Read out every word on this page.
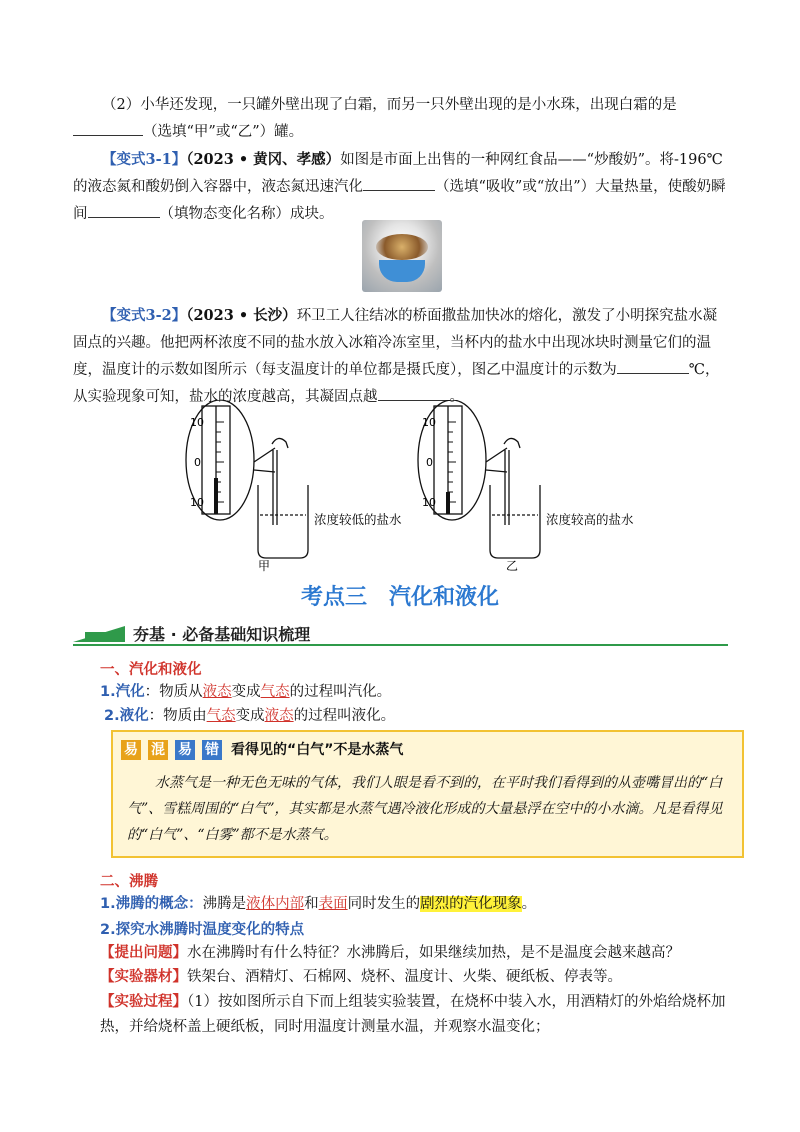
（2）小华还发现，一只罐外壁出现了白霜，而另一只外壁出现的是小水珠，出现白霜的是（选填“甲”或“乙”）罐。
【变式3-1】（2023 • 黄冈、孝感）如图是市面上出售的一种网红食品——“炒酸奶”。将-196℃的液态氮和酸奶倒入容器中，液态氮迅速汽化	（选填“吸收”或“放出”）大量热量，使酸奶瞬间	（填物态变化名称）成块。
【变式3-2】（2023 • 长沙）环卫工人往结冰的桥面撒盐加快冰的熔化，激发了小明探究盐水凝固点的兴趣。他把两杯浓度不同的盐水放入冰箱冷冻室里，当杯内的盐水中出现冰块时测量它们的温度，温度计的示数如图所示（每支温度计的单位都是摄氏度），图乙中温度计的示数为	℃，从实验现象可知，盐水的浓度越高，其凝固点越	。
10
0
10
浓度较低的盐水
甲
10
0
10
浓度较高的盐水
乙
考点三　汽化和液化
夯基 · 必备基础知识梳理
一、汽化和液化
1.汽化：物质从液态变成气态的过程叫汽化。
2.液化：物质由气态变成液态的过程叫液化。
易 混 易 错 看得见的“白气”不是水蒸气
水蒸气是一种无色无味的气体，我们人眼是看不到的，在平时我们看得到的从壶嘴冒出的“白气”、雪糕周围的“白气”，其实都是水蒸气遇冷液化形成的大量悬浮在空中的小水滴。凡是看得见的“白气”、“白雾”都不是水蒸气。
二、沸腾
1.沸腾的概念：沸腾是液体内部和表面同时发生的剧烈的汽化现象。
2.探究水沸腾时温度变化的特点
【提出问题】水在沸腾时有什么特征？水沸腾后，如果继续加热，是不是温度会越来越高？
【实验器材】铁架台、酒精灯、石棉网、烧杯、温度计、火柴、硬纸板、停表等。
【实验过程】（1）按如图所示自下而上组装实验装置，在烧杯中装入水，用酒精灯的外焰给烧杯加热，并给烧杯盖上硬纸板，同时用温度计测量水温，并观察水温变化；
